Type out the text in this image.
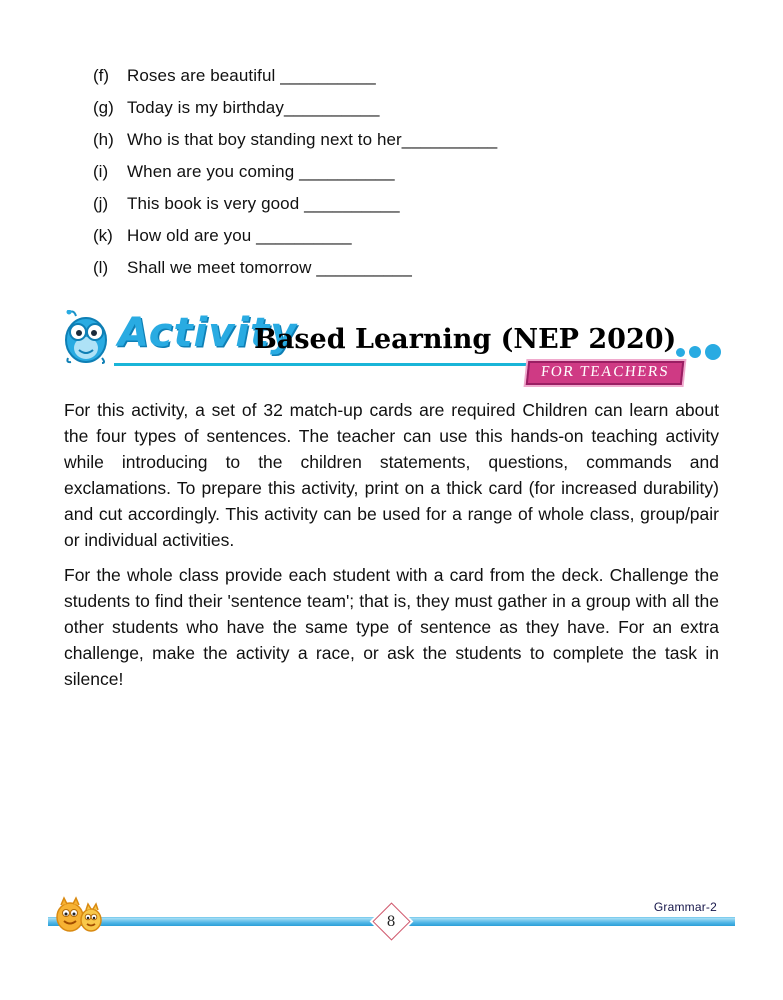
(f)	Roses are beautiful __________
(g) Today is my birthday__________
(h) Who is that boy standing next to her__________
(i)	When are you coming __________
(j)	This book is very good __________
(k) How old are you __________
(l)	Shall we meet tomorrow __________
Activity
Based Learning (NEP 2020)
FOR TEACHERS

For this activity, a set of 32 match-up cards are required Children can learn about the four types of sentences. The teacher can use this hands-on teaching activity while introducing to the children statements, questions, commands and exclamations. To prepare this activity, print on a thick card (for increased durability) and cut accordingly. This activity can be used for a range of whole class, group/pair or individual activities.

For the whole class provide each student with a card from the deck. Challenge the students to find their 'sentence team'; that is, they must gather in a group with all the other students who have the same type of sentence as they have. For an extra challenge, make the activity a race, or ask the students to complete the task in silence!

8
Grammar-2
